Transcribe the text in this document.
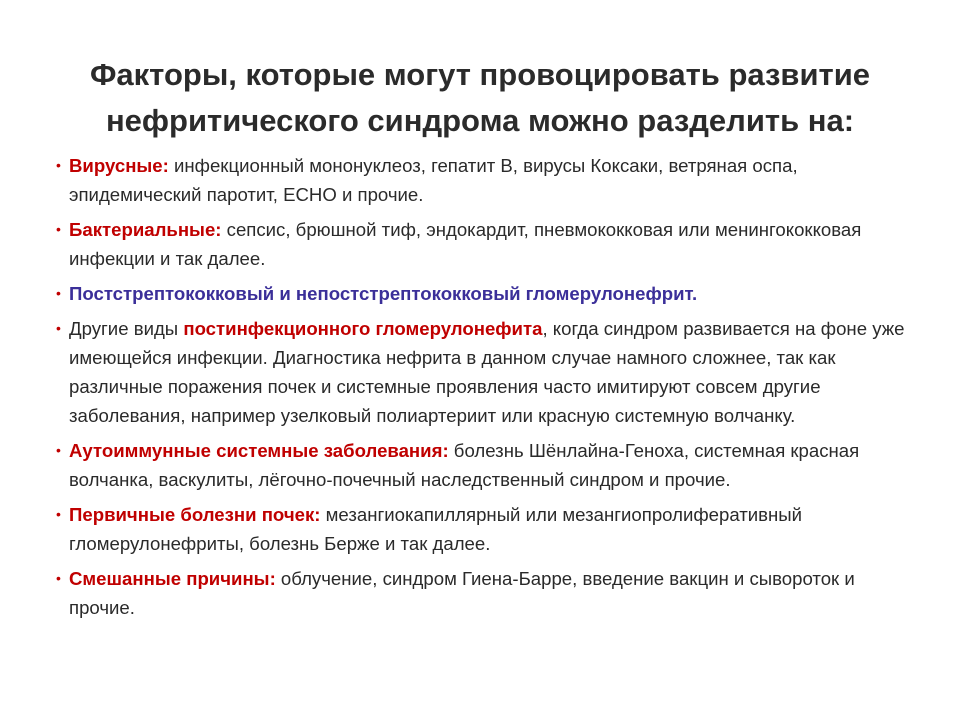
Факторы, которые могут провоцировать развитие нефритического синдрома можно разделить на:
• Вирусные: инфекционный мононуклеоз, гепатит В, вирусы Коксаки, ветряная оспа, эпидемический паротит, ЕСНО и прочие.
• Бактериальные: сепсис, брюшной тиф, эндокардит, пневмококковая или менингококковая инфекции и так далее.
• Постстрептококковый и непостстрептококковый гломерулонефрит.
• Другие виды постинфекционного гломерулонефита, когда синдром развивается на фоне уже имеющейся инфекции. Диагностика нефрита в данном случае намного сложнее, так как различные поражения почек и системные проявления часто имитируют совсем другие заболевания, например узелковый полиартериит или красную системную волчанку.
• Аутоиммунные системные заболевания: болезнь Шёнлайна-Геноха, системная красная волчанка, васкулиты, лёгочно-почечный наследственный синдром и прочие.
• Первичные болезни почек: мезангиокапиллярный или мезангиопролиферативный гломерулонефриты, болезнь Берже и так далее.
• Смешанные причины: облучение, синдром Гиена-Барре, введение вакцин и сывороток и прочие.
